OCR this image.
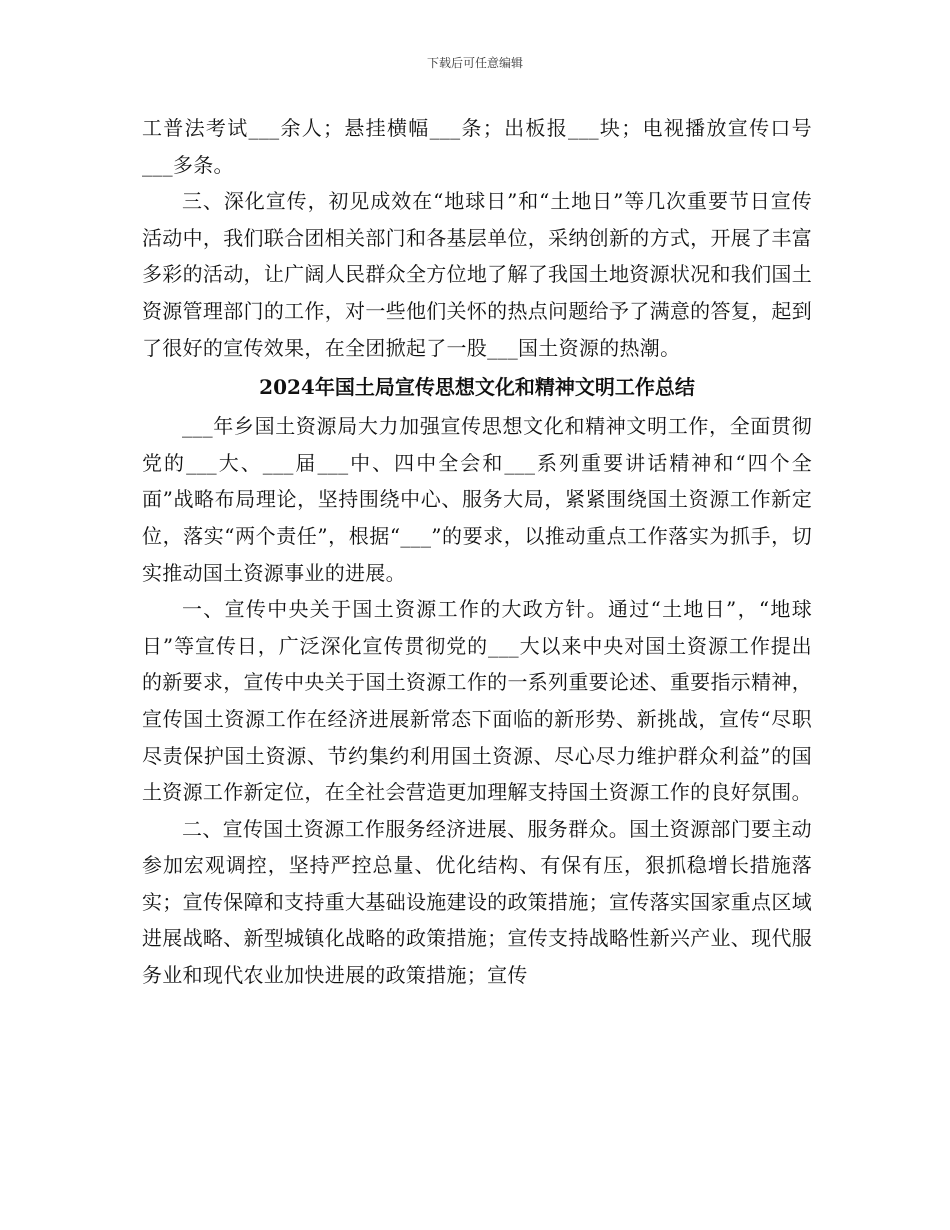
下载后可任意编辑

工普法考试___余人；悬挂横幅___条；出板报___块；电视播放宣传口号___多条。

三、深化宣传，初见成效在“地球日”和“土地日”等几次重要节日宣传活动中，我们联合团相关部门和各基层单位，采纳创新的方式，开展了丰富多彩的活动，让广阔人民群众全方位地了解了我国土地资源状况和我们国土资源管理部门的工作，对一些他们关怀的热点问题给予了满意的答复，起到了很好的宣传效果，在全团掀起了一股___国土资源的热潮。

2024年国土局宣传思想文化和精神文明工作总结

___年乡国土资源局大力加强宣传思想文化和精神文明工作，全面贯彻党的___大、___届___中、四中全会和___系列重要讲话精神和“四个全面”战略布局理论，坚持围绕中心、服务大局，紧紧围绕国土资源工作新定位，落实“两个责任”，根据“___”的要求，以推动重点工作落实为抓手，切实推动国土资源事业的进展。

一、宣传中央关于国土资源工作的大政方针。通过“土地日”，“地球日”等宣传日，广泛深化宣传贯彻党的___大以来中央对国土资源工作提出的新要求，宣传中央关于国土资源工作的一系列重要论述、重要指示精神，宣传国土资源工作在经济进展新常态下面临的新形势、新挑战，宣传“尽职尽责保护国土资源、节约集约利用国土资源、尽心尽力维护群众利益”的国土资源工作新定位，在全社会营造更加理解支持国土资源工作的良好氛围。

二、宣传国土资源工作服务经济进展、服务群众。国土资源部门要主动参加宏观调控，坚持严控总量、优化结构、有保有压，狠抓稳增长措施落实；宣传保障和支持重大基础设施建设的政策措施；宣传落实国家重点区域进展战略、新型城镇化战略的政策措施；宣传支持战略性新兴产业、现代服务业和现代农业加快进展的政策措施；宣传
